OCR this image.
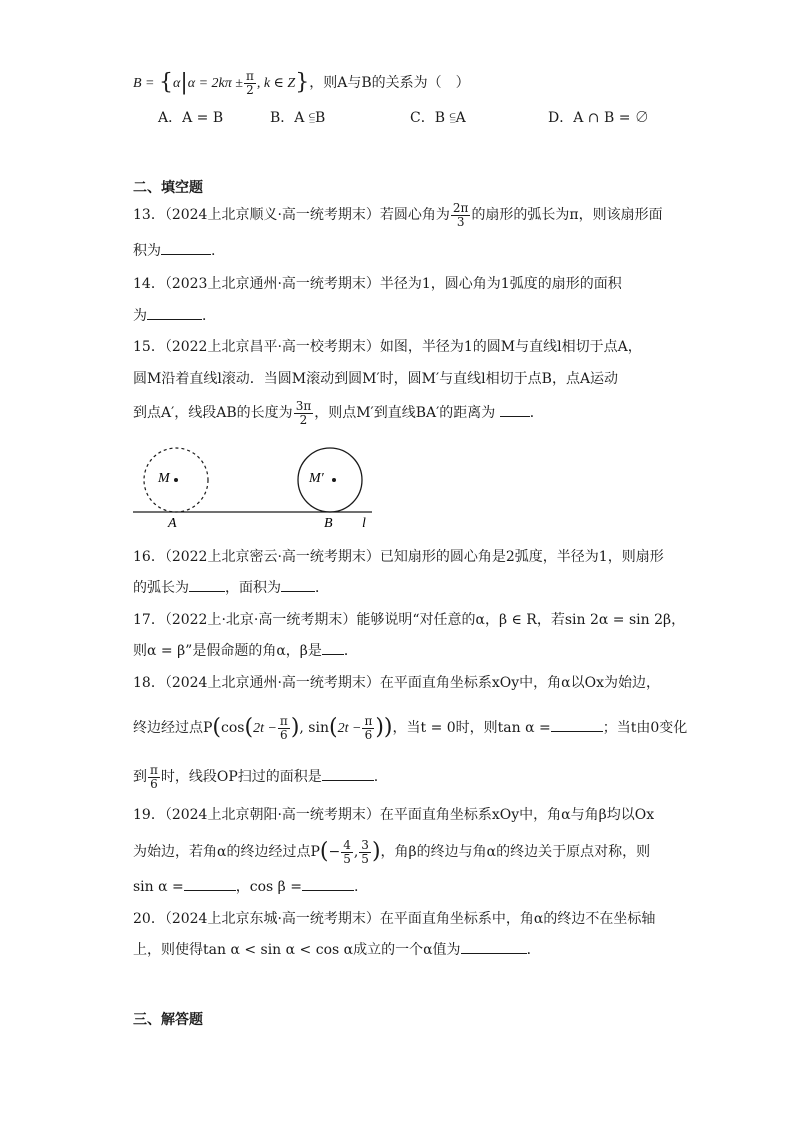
$B = \{\alpha|\alpha = 2k\pi \pm \frac{\pi}{2}$ , k ∈ Z}，则A与B的关系为（　）
A．A = B	B．A ⫅B	C．B ⫅A	D．A ∩ B = ∅
二、填空题
13．（2024上北京顺义·高一统考期末）若圆心角为 $\frac{2\pi}{3}$ 的扇形的弧长为π，则该扇形面
积为	.
14．（2023上北京通州·高一统考期末）半径为1，圆心角为1弧度的扇形的面积
为	．
15．（2022上北京昌平·高一校考期末）如图，半径为1的圆M与直线l相切于点A，
圆M沿着直线l滚动．当圆M滚动到圆M′时，圆M′与直线l相切于点B，点A运动
到点A′，线段AB的长度为 $\frac{3\pi}{2}$ ，则点M′到直线BA′的距离为 ．
M	M′
A	B l
16．（2022上北京密云·高一统考期末）已知扇形的圆心角是2弧度，半径为1，则扇形
的弧长为	，面积为 ．
17．（2022上·北京·高一统考期末）能够说明“对任意的α，β ∈ R，若sin 2α = sin 2β，
则α = β”是假命题的角α，β是 ．
18．（2024上北京通州·高一统考期末）在平面直角坐标系xOy中，角α以Ox为始边，
终边经过点$P(\cos(2t - \frac{\pi}{6}$ ), $\sin(2t - \frac{\pi}{6}$ ))，当t = 0时，则tan α =	；当t由0变化
到 $\frac{\pi}{6}$ 时，线段OP扫过的面积是	.
19．（2024上北京朝阳·高一统考期末）在平面直角坐标系xOy中，角α与角β均以Ox
为始边，若角α的终边经过点$P(- \frac{4}{5}$ , $\frac{3}{5}$ )，角β的终边与角α的终边关于原点对称，则
sin α =	，cos β =	.
20．（2024上北京东城·高一统考期末）在平面直角坐标系中，角α的终边不在坐标轴
上，则使得tan α < sin α < cos α成立的一个α值为	．
三、解答题
